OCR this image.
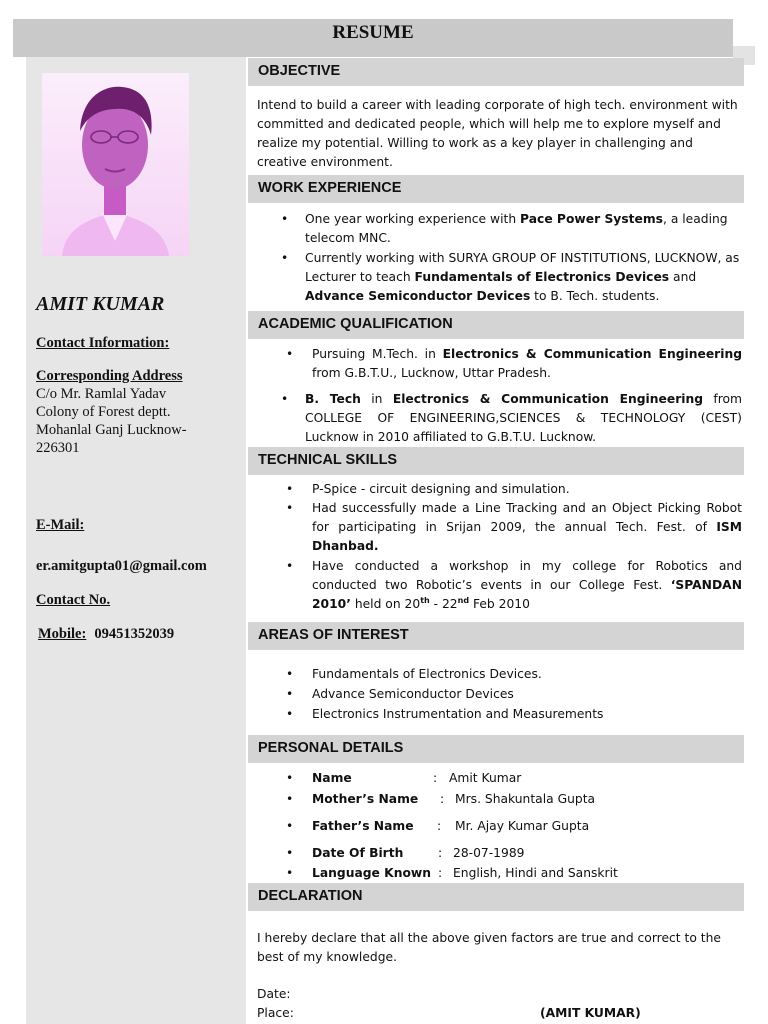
RESUME
AMIT KUMAR
Contact Information:
Corresponding Address
C/o Mr. Ramlal Yadav
Colony of Forest deptt.
Mohanlal Ganj Lucknow-
226301
E-Mail:
er.amitgupta01@gmail.com
Contact No.
Mobile: 09451352039
OBJECTIVE
Intend to build a career with leading corporate of high tech. environment with committed and dedicated people, which will help me to explore myself and realize my potential. Willing to work as a key player in challenging and creative environment.
WORK EXPERIENCE
• One year working experience with Pace Power Systems, a leading telecom MNC.
• Currently working with SURYA GROUP OF INSTITUTIONS, LUCKNOW, as Lecturer to teach Fundamentals of Electronics Devices and Advance Semiconductor Devices to B. Tech. students.
ACADEMIC QUALIFICATION
• Pursuing M.Tech. in Electronics & Communication Engineering from G.B.T.U., Lucknow, Uttar Pradesh.
• B. Tech in Electronics & Communication Engineering from COLLEGE OF ENGINEERING,SCIENCES & TECHNOLOGY (CEST) Lucknow in 2010 affiliated to G.B.T.U. Lucknow.
TECHNICAL SKILLS
• P-Spice - circuit designing and simulation.
• Had successfully made a Line Tracking and an Object Picking Robot for participating in Srijan 2009, the annual Tech. Fest. of ISM Dhanbad.
• Have conducted a workshop in my college for Robotics and conducted two Robotic’s events in our College Fest. ‘SPANDAN 2010’ held on 20th - 22nd Feb 2010
AREAS OF INTEREST
• Fundamentals of Electronics Devices.
• Advance Semiconductor Devices
• Electronics Instrumentation and Measurements
PERSONAL DETAILS
• Name	: Amit Kumar
• Mother’s Name : Mrs. Shakuntala Gupta
• Father’s Name : Mr. Ajay Kumar Gupta
• Date Of Birth	: 28-07-1989
• Language Known : English, Hindi and Sanskrit
DECLARATION
I hereby declare that all the above given factors are true and correct to the best of my knowledge.
Date:
Place:	(AMIT KUMAR)
